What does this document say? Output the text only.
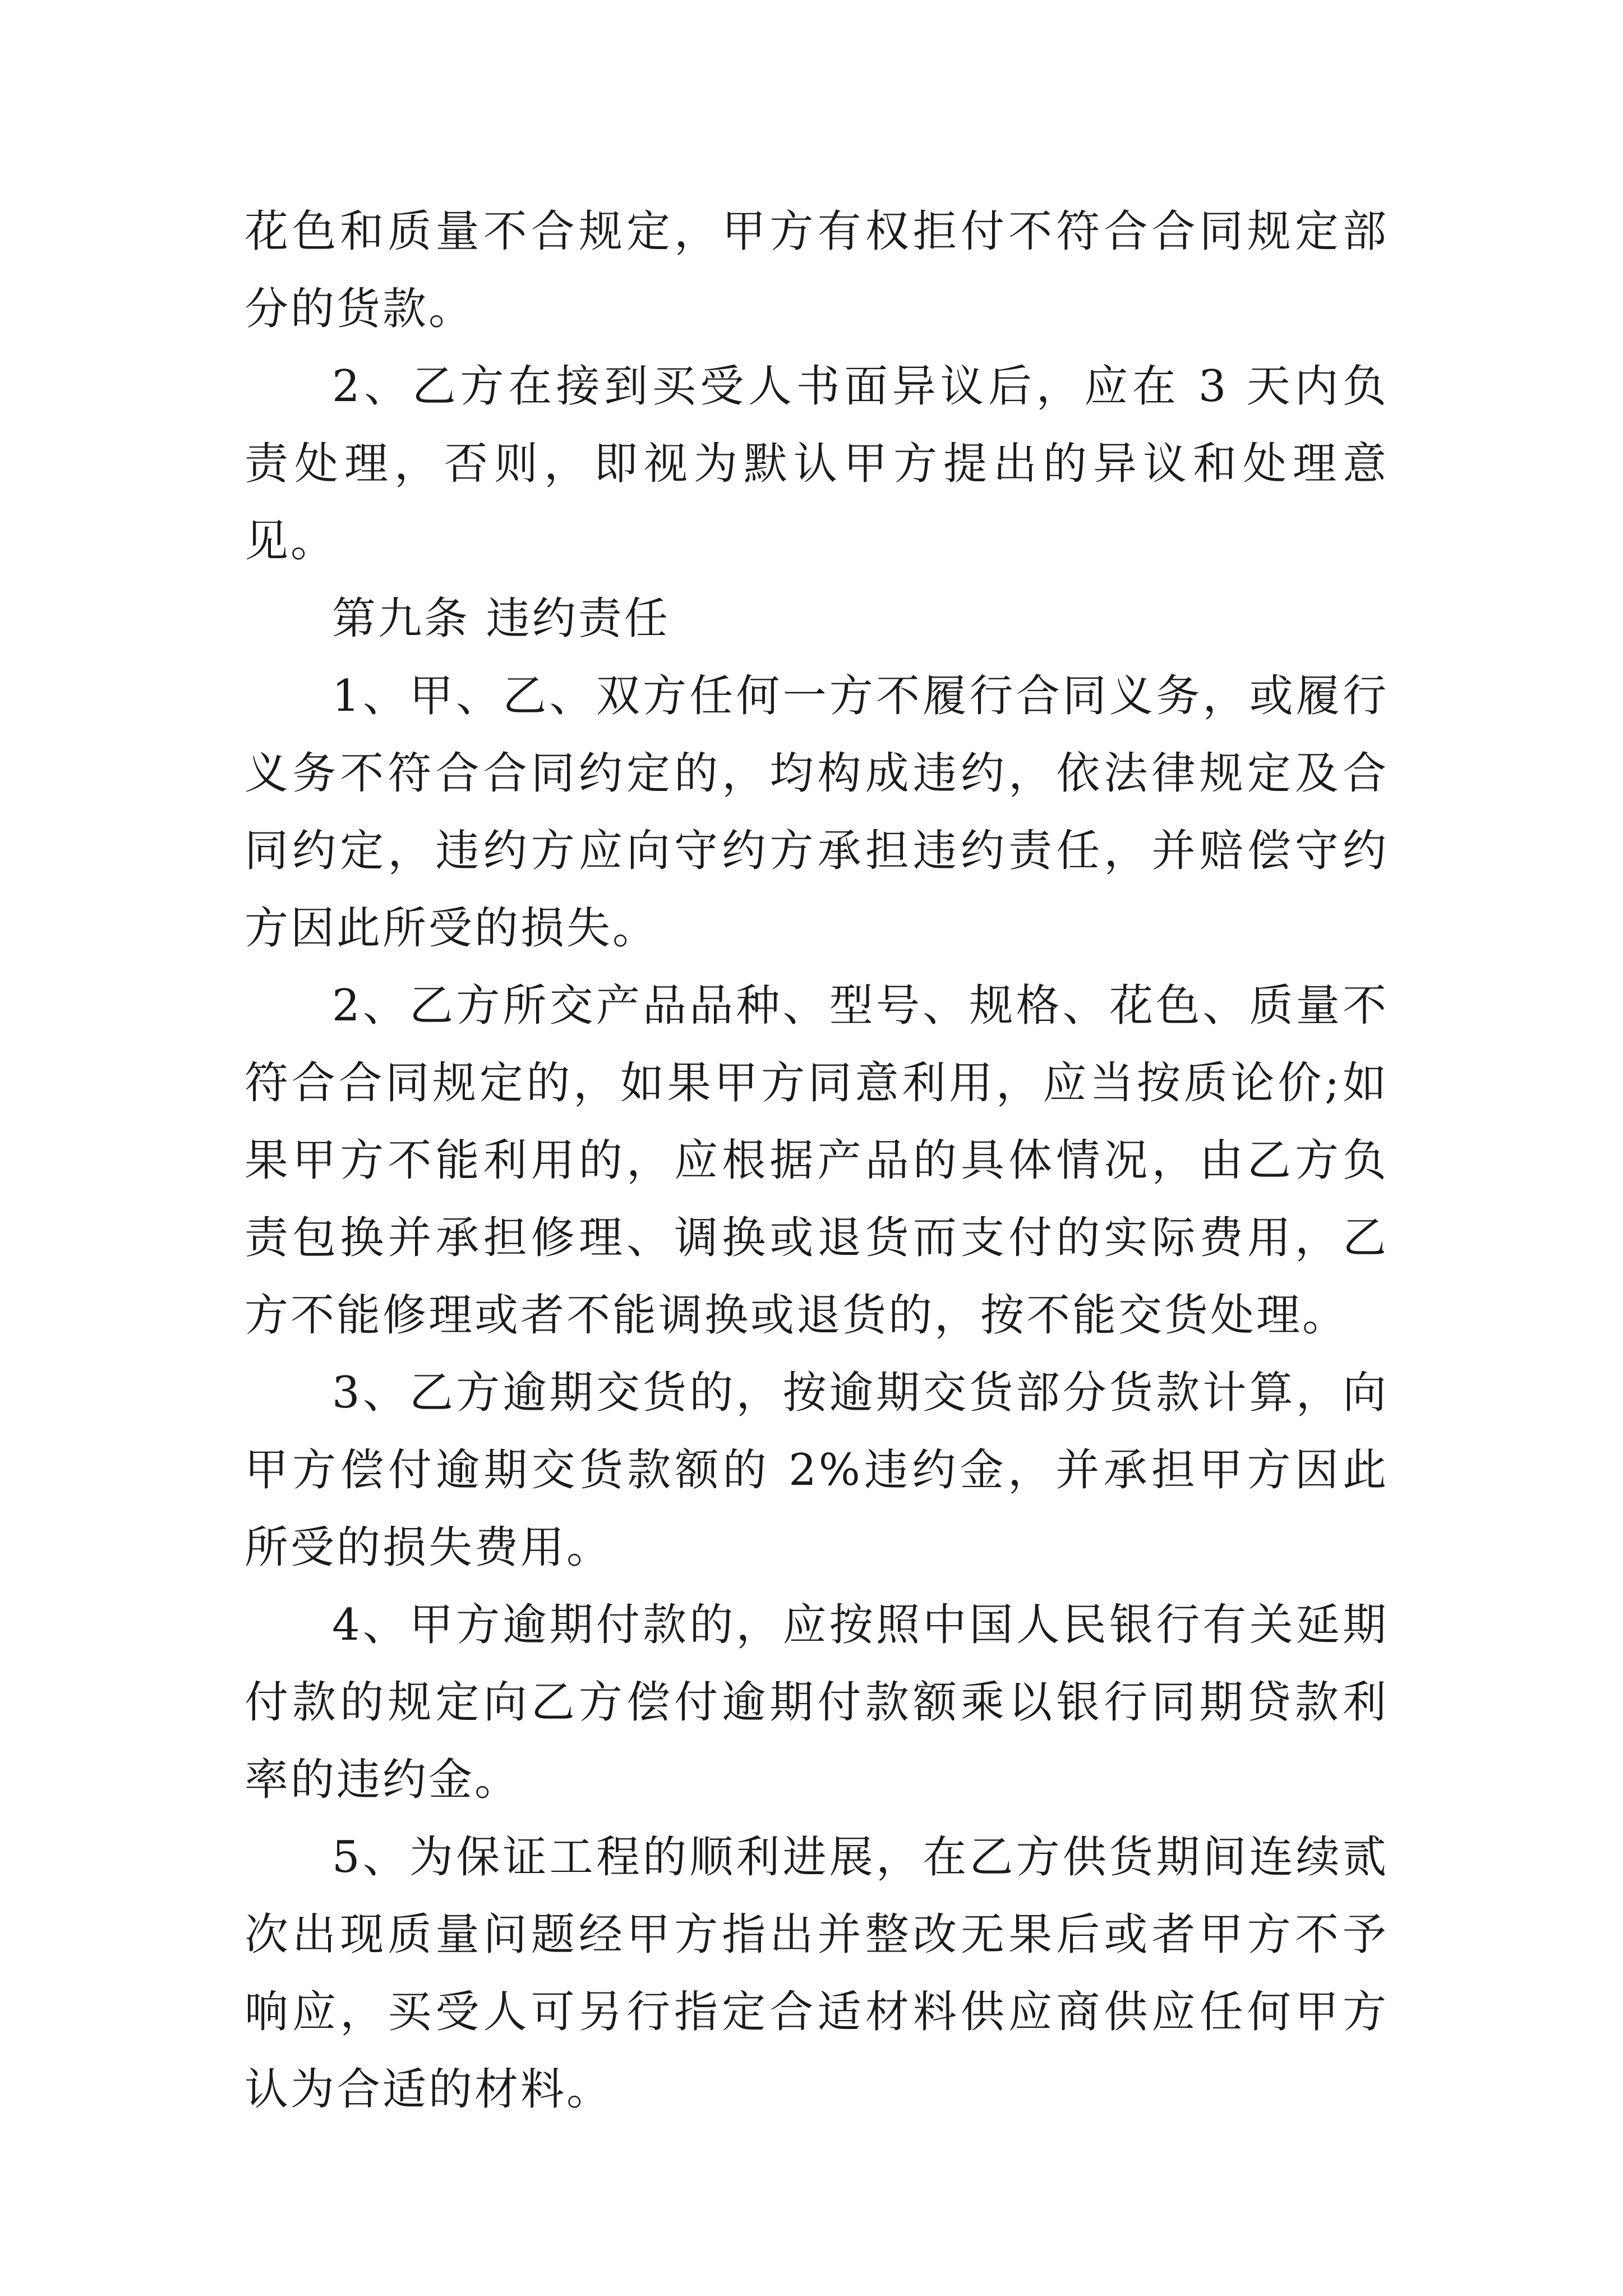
花色和质量不合规定，甲方有权拒付不符合合同规定部分的货款。

2、乙方在接到买受人书面异议后，应在 3 天内负责处理，否则，即视为默认甲方提出的异议和处理意见。

第九条 违约责任

1、甲、乙、双方任何一方不履行合同义务，或履行义务不符合合同约定的，均构成违约，依法律规定及合同约定，违约方应向守约方承担违约责任，并赔偿守约方因此所受的损失。

2、乙方所交产品品种、型号、规格、花色、质量不符合合同规定的，如果甲方同意利用，应当按质论价;如果甲方不能利用的，应根据产品的具体情况，由乙方负责包换并承担修理、调换或退货而支付的实际费用，乙方不能修理或者不能调换或退货的，按不能交货处理。

3、乙方逾期交货的，按逾期交货部分货款计算，向甲方偿付逾期交货款额的 2%违约金，并承担甲方因此所受的损失费用。

4、甲方逾期付款的，应按照中国人民银行有关延期付款的规定向乙方偿付逾期付款额乘以银行同期贷款利率的违约金。

5、为保证工程的顺利进展，在乙方供货期间连续贰次出现质量问题经甲方指出并整改无果后或者甲方不予响应，买受人可另行指定合适材料供应商供应任何甲方认为合适的材料。
